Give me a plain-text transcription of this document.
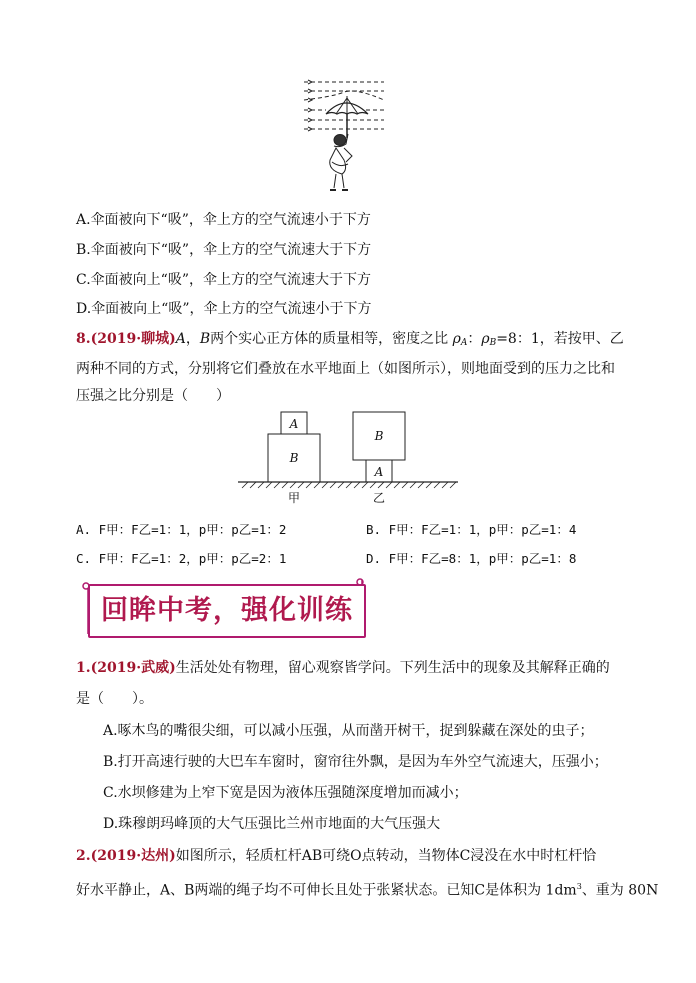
A.伞面被向下“吸”，伞上方的空气流速小于下方
B.伞面被向下“吸”，伞上方的空气流速大于下方
C.伞面被向上“吸”，伞上方的空气流速大于下方
D.伞面被向上“吸”，伞上方的空气流速小于下方
8.(2019·聊城)A，B两个实心正方体的质量相等，密度之比 $\rho_A$：$\rho_B=8$：1，若按甲、乙
两种不同的方式，分别将它们叠放在水平地面上（如图所示），则地面受到的压力之比和
压强之比分别是（　　）
A
B
B
A
甲	乙
A. F甲：F乙=1：1，p甲：p乙=1：2	B. F甲：F乙=1：1，p甲：p乙=1：4
C. F甲：F乙=1：2，p甲：p乙=2：1	D. F甲：F乙=8：1，p甲：p乙=1：8
回眸中考，强化训练
1.(2019·武威)生活处处有物理，留心观察皆学问。下列生活中的现象及其解释正确的
是（　　）。
A.啄木鸟的嘴很尖细，可以减小压强，从而凿开树干，捉到躲藏在深处的虫子；
B.打开高速行驶的大巴车车窗时，窗帘往外飘，是因为车外空气流速大，压强小；
C.水坝修建为上窄下宽是因为液体压强随深度增加而减小；
D.珠穆朗玛峰顶的大气压强比兰州市地面的大气压强大
2.(2019·达州)如图所示，轻质杠杆AB可绕O点转动，当物体C浸没在水中时杠杆恰
好水平静止，A、B两端的绳子均不可伸长且处于张紧状态。已知C是体积为 $1dm^3$、重为 80N
